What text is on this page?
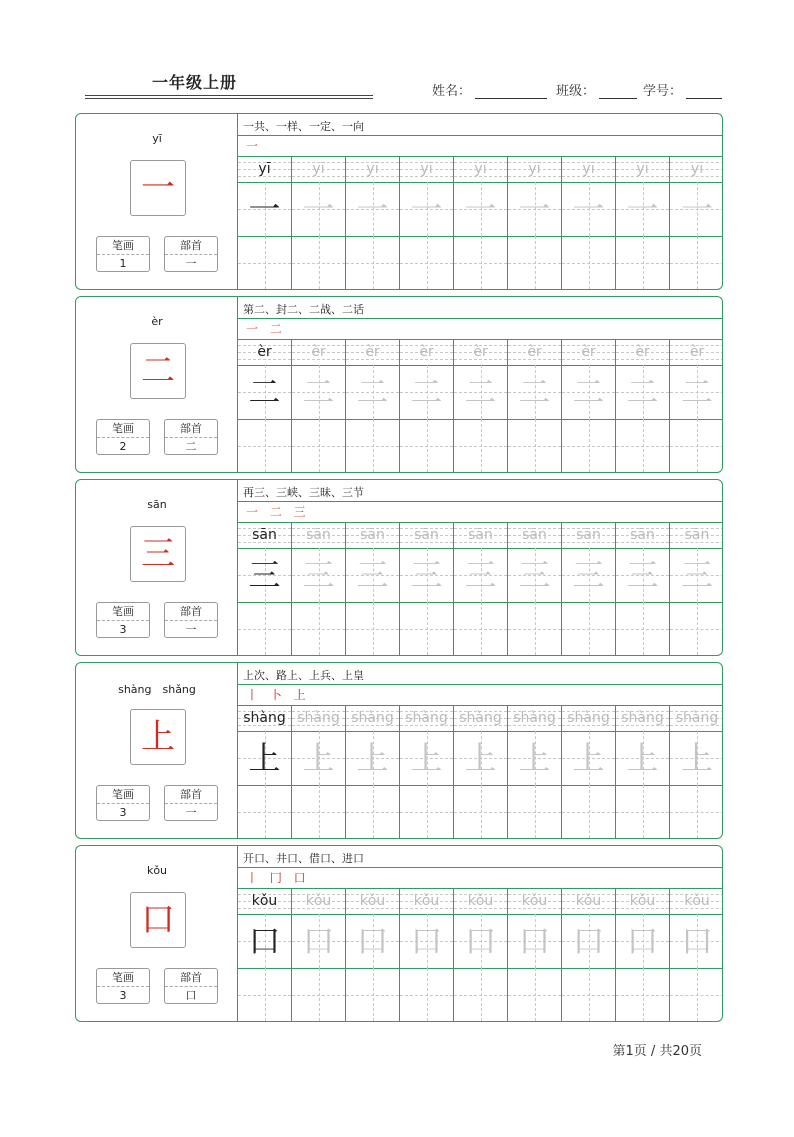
一年级上册	姓名：	班级：	学号：
yī
一
笔画
1
部首
一
一共、一样、一定、一向
一
yī	yī	yī	yī	yī	yī	yī	yī	yī
一 一 一 一 一 一 一 一 一
èr
二
笔画
2
部首
二
第二、封二、二战、二话
一 二
èr	èr	èr	èr	èr	èr	èr	èr	èr
二 二 二 二 二 二 二 二 二
sān
三
笔画
3
部首
一
再三、三峡、三昧、三节
一 二 三
sān	sān	sān	sān	sān	sān	sān	sān	sān
三 三 三 三 三 三 三 三 三
shàng　shǎng
上
笔画
3
部首
一
上次、路上、上兵、上皇
丨 卜 上
shàng shàng shàng shàng shàng shàng shàng shàng shàng
上 上 上 上 上 上 上 上 上
kǒu
口
笔画
3
部首
口
开口、井口、借口、进口
丨 冂 口
kǒu	kǒu	kǒu	kǒu	kǒu	kǒu	kǒu	kǒu	kǒu
口 口 口 口 口 口 口 口 口
第1页 / 共20页
